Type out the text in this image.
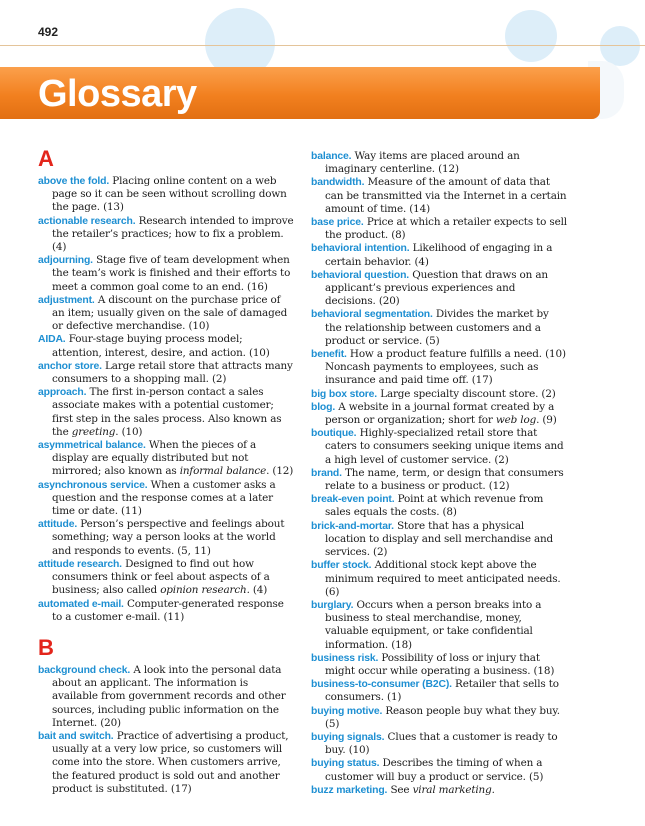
492
Glossary
A
above the fold. Placing online content on a web page so it can be seen without scrolling down the page. (13)
actionable research. Research intended to improve the retailer’s practices; how to fix a problem. (4)
adjourning. Stage five of team development when the team’s work is finished and their efforts to meet a common goal come to an end. (16)
adjustment. A discount on the purchase price of an item; usually given on the sale of damaged or defective merchandise. (10)
AIDA. Four-stage buying process model; attention, interest, desire, and action. (10)
anchor store. Large retail store that attracts many consumers to a shopping mall. (2)
approach. The first in-person contact a sales associate makes with a potential customer; first step in the sales process. Also known as the greeting. (10)
asymmetrical balance. When the pieces of a display are equally distributed but not mirrored; also known as informal balance. (12)
asynchronous service. When a customer asks a question and the response comes at a later time or date. (11)
attitude. Person’s perspective and feelings about something; way a person looks at the world and responds to events. (5, 11)
attitude research. Designed to find out how consumers think or feel about aspects of a business; also called opinion research. (4)
automated e-mail. Computer-generated response to a customer e-mail. (11)
B
background check. A look into the personal data about an applicant. The information is available from government records and other sources, including public information on the Internet. (20)
bait and switch. Practice of advertising a product, usually at a very low price, so customers will come into the store. When customers arrive, the featured product is sold out and another product is substituted. (17)
balance. Way items are placed around an imaginary centerline. (12)
bandwidth. Measure of the amount of data that can be transmitted via the Internet in a certain amount of time. (14)
base price. Price at which a retailer expects to sell the product. (8)
behavioral intention. Likelihood of engaging in a certain behavior. (4)
behavioral question. Question that draws on an applicant’s previous experiences and decisions. (20)
behavioral segmentation. Divides the market by the relationship between customers and a product or service. (5)
benefit. How a product feature fulfills a need. (10) Noncash payments to employees, such as insurance and paid time off. (17)
big box store. Large specialty discount store. (2)
blog. A website in a journal format created by a person or organization; short for web log. (9)
boutique. Highly-specialized retail store that caters to consumers seeking unique items and a high level of customer service. (2)
brand. The name, term, or design that consumers relate to a business or product. (12)
break-even point. Point at which revenue from sales equals the costs. (8)
brick-and-mortar. Store that has a physical location to display and sell merchandise and services. (2)
buffer stock. Additional stock kept above the minimum required to meet anticipated needs. (6)
burglary. Occurs when a person breaks into a business to steal merchandise, money, valuable equipment, or take confidential information. (18)
business risk. Possibility of loss or injury that might occur while operating a business. (18)
business-to-consumer (B2C). Retailer that sells to consumers. (1)
buying motive. Reason people buy what they buy. (5)
buying signals. Clues that a customer is ready to buy. (10)
buying status. Describes the timing of when a customer will buy a product or service. (5)
buzz marketing. See viral marketing.
